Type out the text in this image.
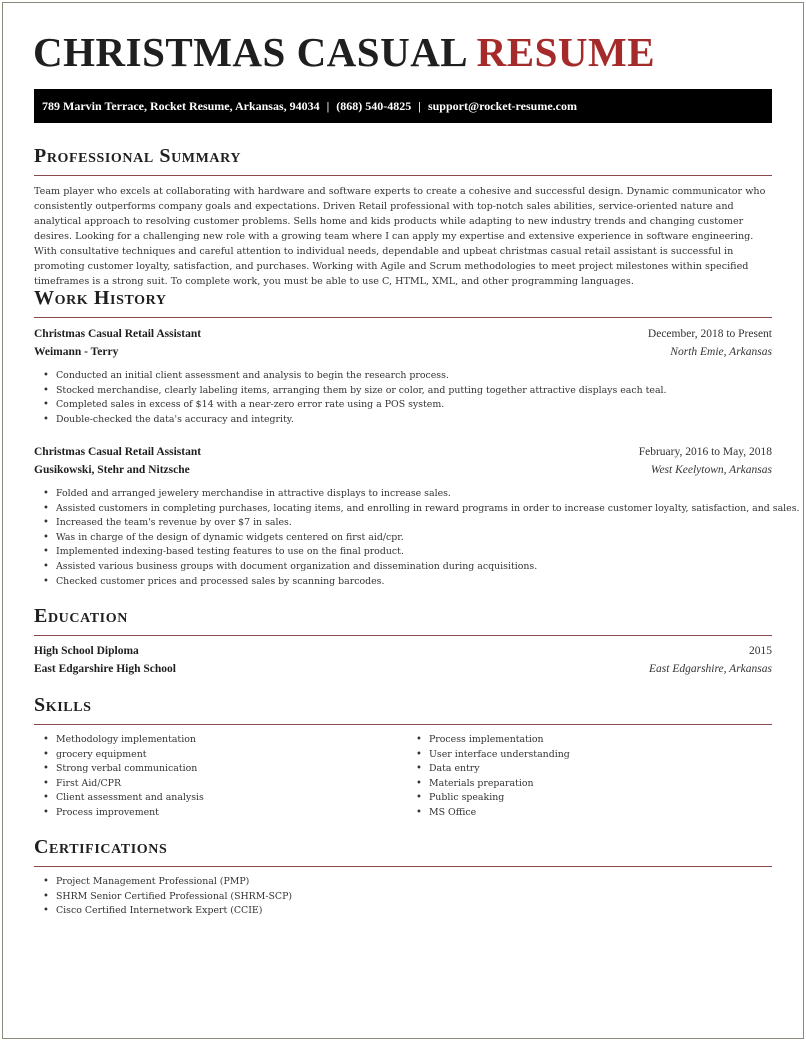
CHRISTMAS CASUAL RESUME
789 Marvin Terrace, Rocket Resume, Arkansas, 94034 | (868) 540-4825 | support@rocket-resume.com
Professional Summary

Team player who excels at collaborating with hardware and software experts to create a cohesive and successful design. Dynamic communicator who consistently outperforms company goals and expectations. Driven Retail professional with top-notch sales abilities, service-oriented nature and analytical approach to resolving customer problems. Sells home and kids products while adapting to new industry trends and changing customer desires. Looking for a challenging new role with a growing team where I can apply my expertise and extensive experience in software engineering. With consultative techniques and careful attention to individual needs, dependable and upbeat christmas casual retail assistant is successful in promoting customer loyalty, satisfaction, and purchases. Working with Agile and Scrum methodologies to meet project milestones within specified timeframes is a strong suit. To complete work, you must be able to use C, HTML, XML, and other programming languages.

Work History
Christmas Casual Retail Assistant	December, 2018 to Present
Weimann - Terry	North Emie, Arkansas
• Conducted an initial client assessment and analysis to begin the research process.
• Stocked merchandise, clearly labeling items, arranging them by size or color, and putting together attractive displays each teal.
• Completed sales in excess of $14 with a near-zero error rate using a POS system.
• Double-checked the data's accuracy and integrity.
Christmas Casual Retail Assistant	February, 2016 to May, 2018
Gusikowski, Stehr and Nitzsche	West Keelytown, Arkansas
• Folded and arranged jewelery merchandise in attractive displays to increase sales.
• Assisted customers in completing purchases, locating items, and enrolling in reward programs in order to increase customer loyalty, satisfaction, and sales.
• Increased the team's revenue by over $7 in sales.
• Was in charge of the design of dynamic widgets centered on first aid/cpr.
• Implemented indexing-based testing features to use on the final product.
• Assisted various business groups with document organization and dissemination during acquisitions.
• Checked customer prices and processed sales by scanning barcodes.
Education
High School Diploma	2015
East Edgarshire High School	East Edgarshire, Arkansas
Skills
• Methodology implementation
• grocery equipment
• Strong verbal communication
• First Aid/CPR
• Client assessment and analysis
• Process improvement
• Process implementation
• User interface understanding
• Data entry
• Materials preparation
• Public speaking
• MS Office
Certifications
• Project Management Professional (PMP)
• SHRM Senior Certified Professional (SHRM-SCP)
• Cisco Certified Internetwork Expert (CCIE)
